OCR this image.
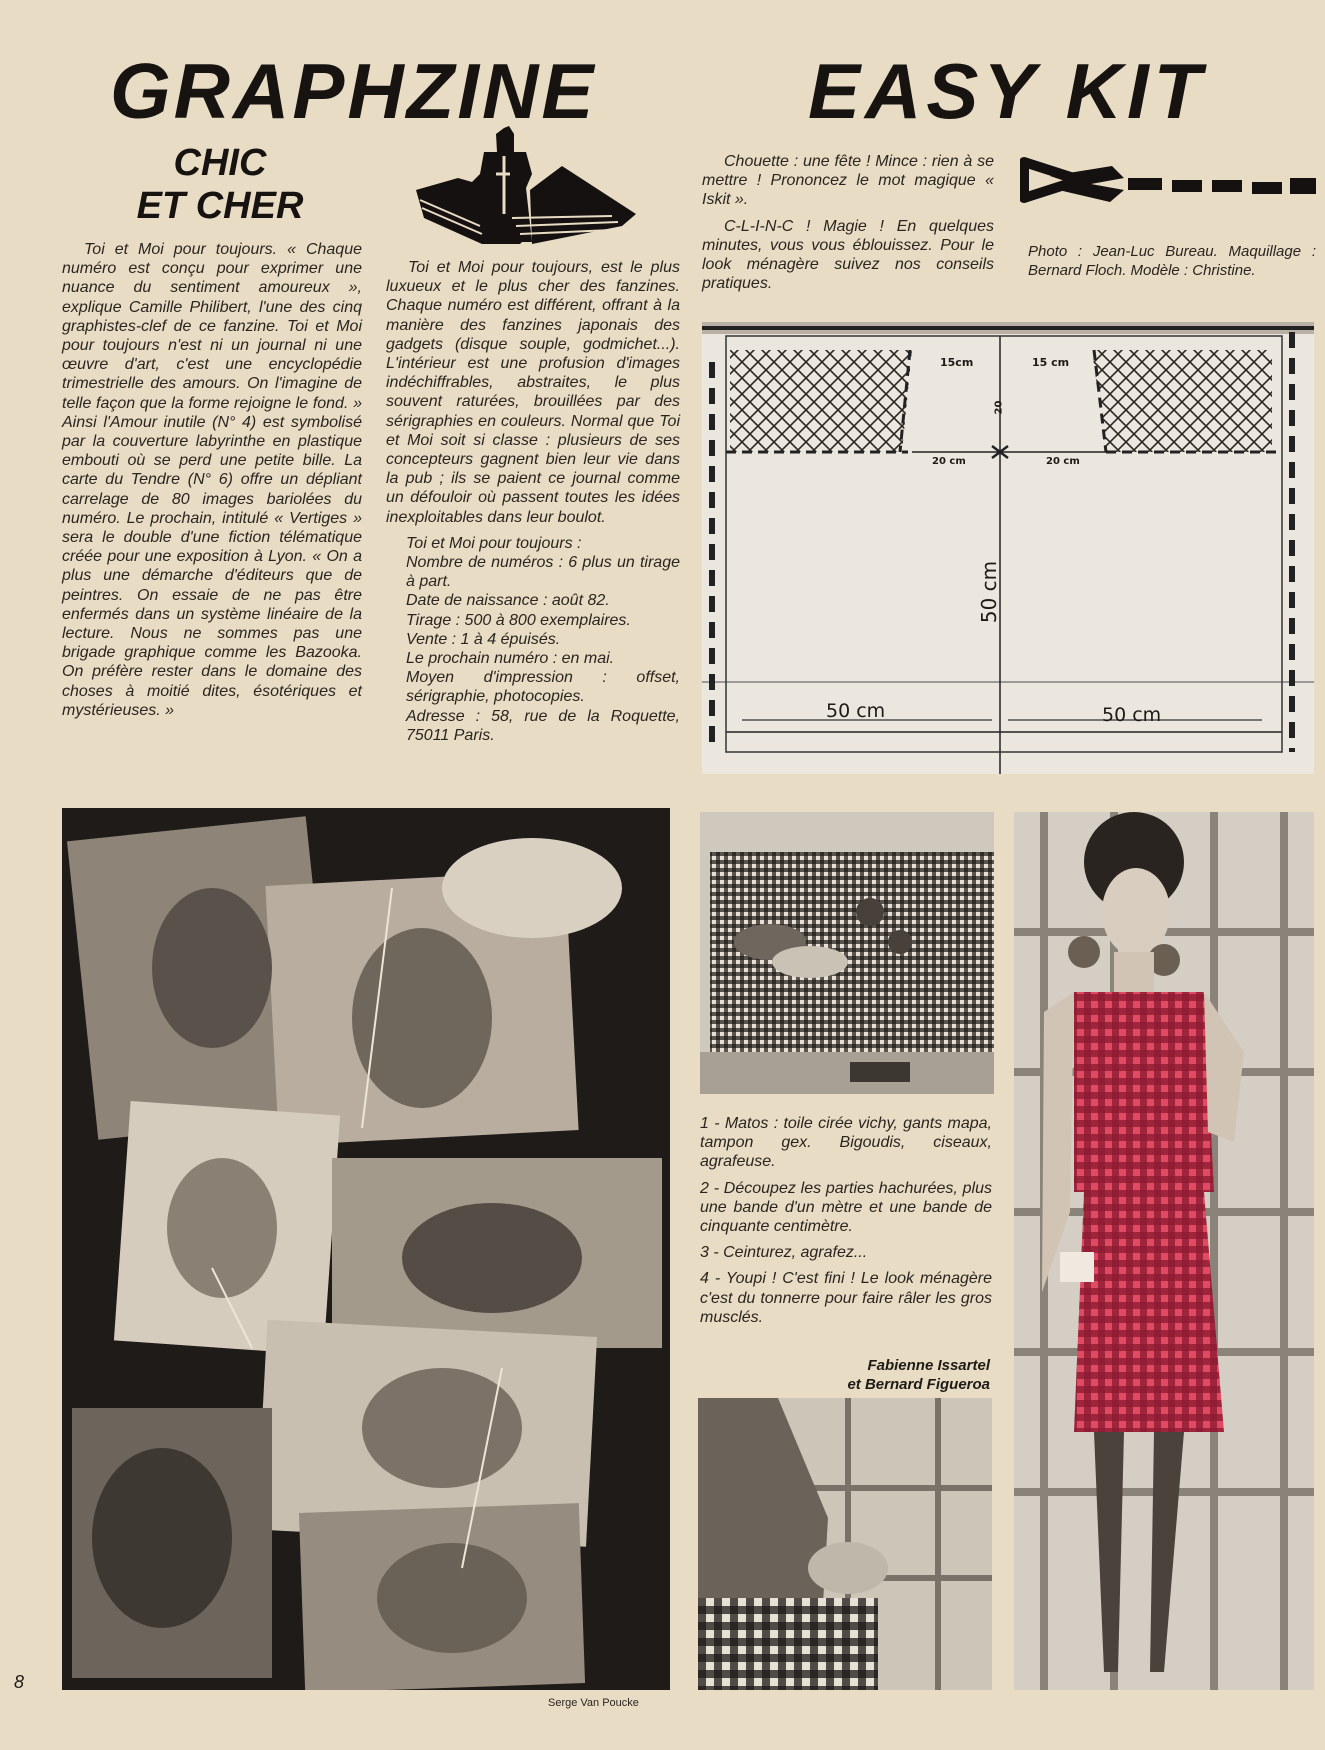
GRAPHZINE
CHIC
ET CHER

Toi et Moi pour toujours. « Chaque numéro est conçu pour exprimer une nuance du sentiment amoureux », explique Camille Philibert, l'une des cinq graphistes-clef de ce fanzine. Toi et Moi pour toujours n'est ni un journal ni une œuvre d'art, c'est une encyclopédie trimestrielle des amours. On l'imagine de telle façon que la forme rejoigne le fond. » Ainsi l'Amour inutile (N° 4) est symbolisé par la couverture labyrinthe en plastique embouti où se perd une petite bille. La carte du Tendre (N° 6) offre un dépliant carrelage de 80 images bariolées du numéro. Le prochain, intitulé « Vertiges » sera le double d'une fiction télématique créée pour une exposition à Lyon. « On a plus une démarche d'éditeurs que de peintres. On essaie de ne pas être enfermés dans un système linéaire de la lecture. Nous ne sommes pas une brigade graphique comme les Bazooka. On préfère rester dans le domaine des choses à moitié dites, ésotériques et mystérieuses. »

Toi et Moi pour toujours, est le plus luxueux et le plus cher des fanzines. Chaque numéro est différent, offrant à la manière des fanzines japonais des gadgets (disque souple, godmichet...). L'intérieur est une profusion d'images indéchiffrables, abstraites, le plus souvent raturées, brouillées par des sérigraphies en couleurs. Normal que Toi et Moi soit si classe : plusieurs de ses concepteurs gagnent bien leur vie dans la pub ; ils se paient ce journal comme un défouloir où passent toutes les idées inexploitables dans leur boulot.

Toi et Moi pour toujours :

Nombre de numéros : 6 plus un tirage à part.

Date de naissance : août 82.

Tirage : 500 à 800 exemplaires.

Vente : 1 à 4 épuisés.

Le prochain numéro : en mai.

Moyen d'impression : offset, sérigraphie, photocopies.

Adresse : 58, rue de la Roquette, 75011 Paris.

Serge Van Poucke
EASY KIT

Chouette : une fête ! Mince : rien à se mettre ! Prononcez le mot magique « Iskit ».

C-L-I-N-C ! Magie ! En quelques minutes, vous vous éblouissez. Pour le look ménagère suivez nos conseils pratiques.

Photo : Jean-Luc Bureau. Maquillage : Bernard Floch. Modèle : Christine.

15cm	15 cm
20
20 cm	20 cm
50 cm
50 cm	50 cm

1 - Matos : toile cirée vichy, gants mapa, tampon gex. Bigoudis, ciseaux, agrafeuse.

2 - Découpez les parties hachurées, plus une bande d'un mètre et une bande de cinquante centimètre.

3 - Ceinturez, agrafez...

4 - Youpi ! C'est fini ! Le look ménagère c'est du tonnerre pour faire râler les gros musclés.

Fabienne Issartel
et Bernard Figueroa
8
